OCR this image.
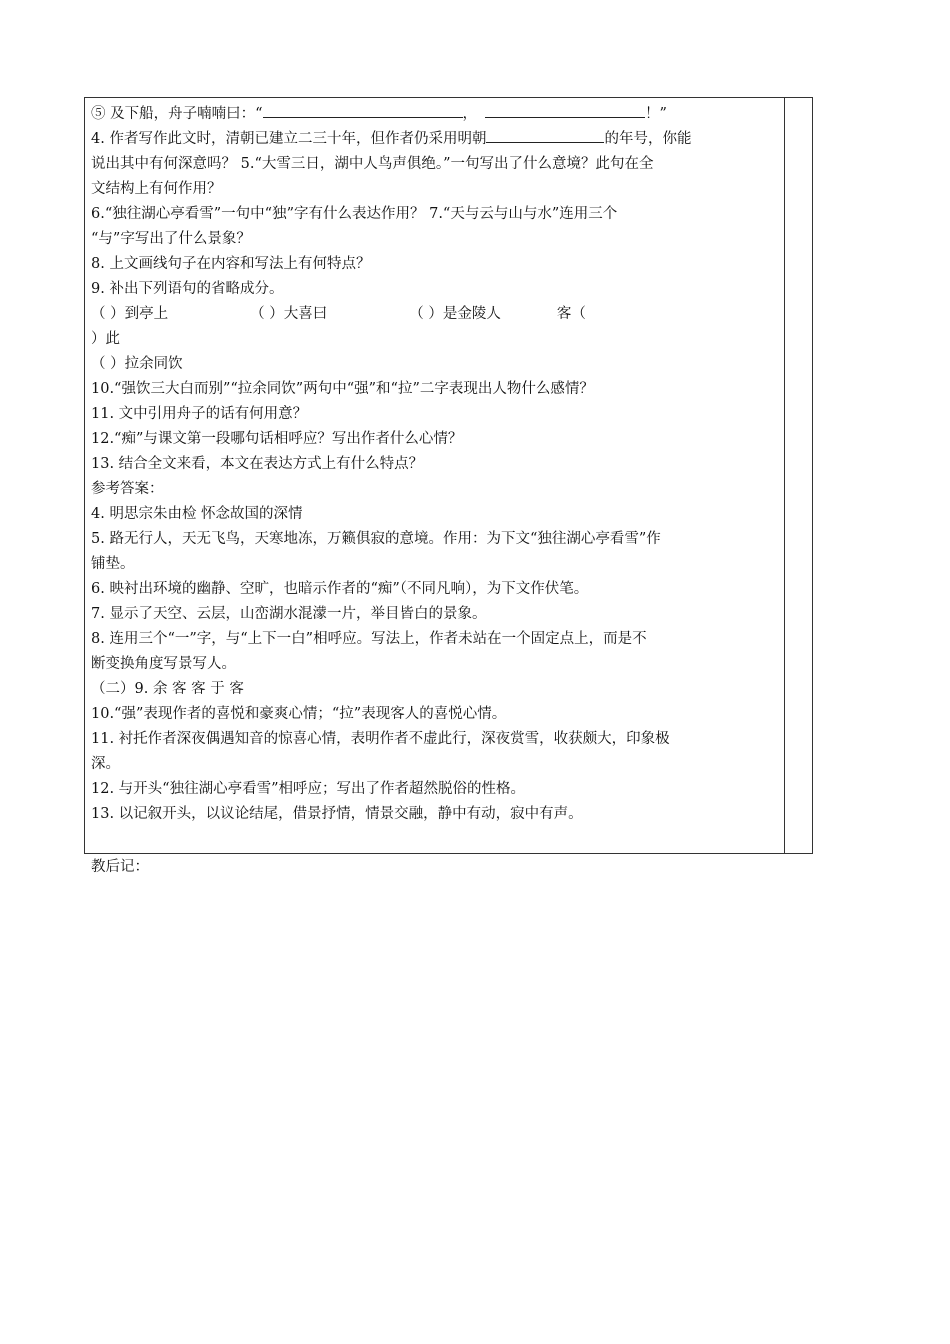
⑤ 及下船，舟子喃喃曰：“	，	！”
4. 作者写作此文时，清朝已建立二三十年，但作者仍采用明朝	的年号，你能
说出其中有何深意吗？ 5.“大雪三日，湖中人鸟声俱绝。”一句写出了什么意境？此句在全
文结构上有何作用？
6.“独往湖心亭看雪”一句中“独”字有什么表达作用？ 7.“天与云与山与水”连用三个
“与”字写出了什么景象？
8. 上文画线句子在内容和写法上有何特点？
9. 补出下列语句的省略成分。
（ ）到亭上	（ ）大喜曰	（ ）是金陵人	客（
）此
（ ）拉余同饮
10.“强饮三大白而别”“拉余同饮”两句中“强”和“拉”二字表现出人物什么感情？
11. 文中引用舟子的话有何用意？
12.“痴”与课文第一段哪句话相呼应？写出作者什么心情？
13. 结合全文来看，本文在表达方式上有什么特点？
参考答案：
4. 明思宗朱由检 怀念故国的深情
5. 路无行人，天无飞鸟，天寒地冻，万籁俱寂的意境。作用：为下文“独往湖心亭看雪”作
铺垫。
6. 映衬出环境的幽静、空旷，也暗示作者的“痴”（不同凡响），为下文作伏笔。
7. 显示了天空、云层，山峦湖水混濛一片，举目皆白的景象。
8. 连用三个“一”字，与“上下一白”相呼应。写法上，作者未站在一个固定点上，而是不
断变换角度写景写人。
（二）9. 余 客 客 于 客
10.“强”表现作者的喜悦和豪爽心情；“拉”表现客人的喜悦心情。
11. 衬托作者深夜偶遇知音的惊喜心情，表明作者不虚此行，深夜赏雪，收获颇大，印象极
深。
12. 与开头“独往湖心亭看雪”相呼应；写出了作者超然脱俗的性格。
13. 以记叙开头，以议论结尾，借景抒情，情景交融，静中有动，寂中有声。
教后记：
